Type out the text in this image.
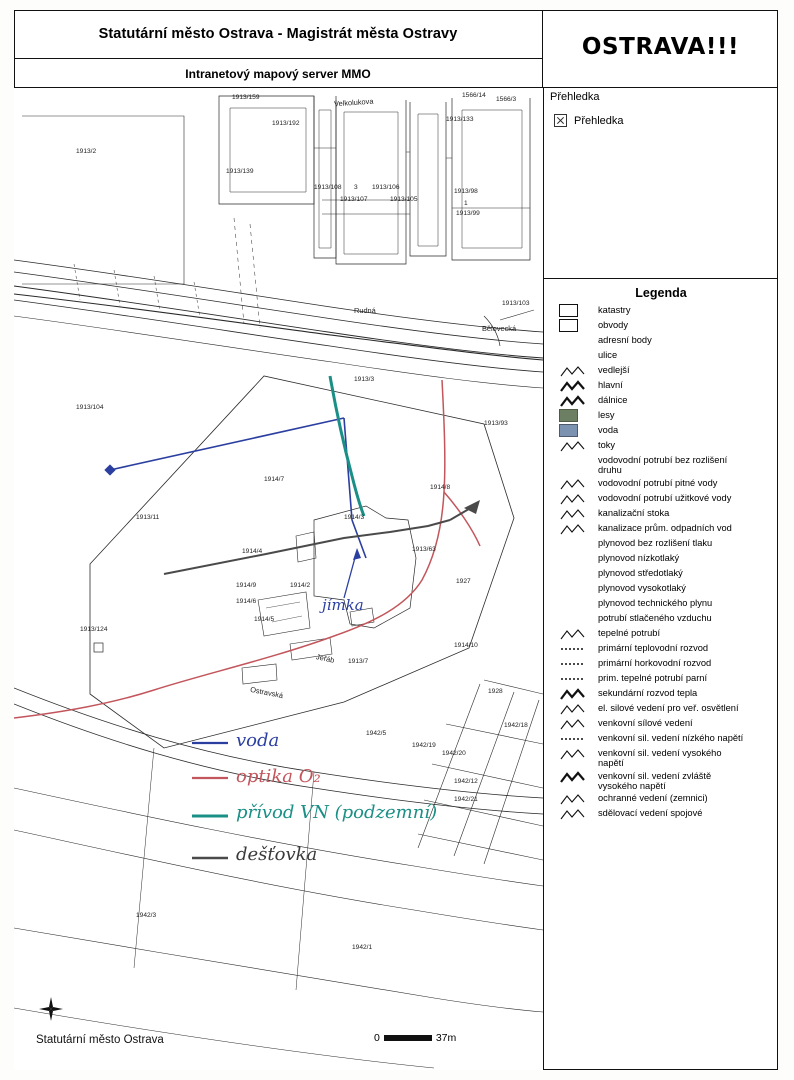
Statutární město Ostrava - Magistrát města Ostravy
Intranetový mapový server MMO
OSTRAVA!!!
Přehledka
Přehledka
Legenda
katastry
obvody
adresní body
ulice
vedlejší
hlavní
dálnice
lesy
voda
toky
vodovodní potrubí bez rozlišení druhu
vodovodní potrubí pitné vody
vodovodní potrubí užitkové vody
kanalizační stoka
kanalizace prům. odpadních vod
plynovod bez rozlišení tlaku
plynovod nízkotlaký
plynovod středotlaký
plynovod vysokotlaký
plynovod technického plynu
potrubí stlačeného vzduchu
tepelné potrubí
primární teplovodní rozvod
primární horkovodní rozvod
prim. tepelné potrubí parní
sekundární rozvod tepla
el. silové vedení pro veř. osvětlení
venkovní sílové vedení
venkovní sil. vedení nízkého napětí
venkovní sil. vedení vysokého napětí
venkovní sil. vedení zvláště vysokého napětí
ochranné vedení (zemnici)
sdělovací vedení spojové
jímka
voda
optika O₂
přívod VN (podzemní)
dešťovka
1913/2
1913/139
1913/192
1913/108 3 1913/106
1913/107	1913/105
1913/98
1
1913/99
1913/133
1566/14
1566/3
1913/159
1913/104
1913/11
1913/124
1913/103
1913/63
1913/3
1914/7
1914/6
1914/5
1914/4
1914/3
1914/2
1914/9
1914/8
1914/10
1927
1928
1942/18
1942/19
1942/20
1942/12
1942/21
1942/5
1942/3
1942/1
1913/7
1913/93
Rudná
Bělovecká
Velkolukova
Ostravská
Jeřáb
Statutární město Ostrava	0	37m
